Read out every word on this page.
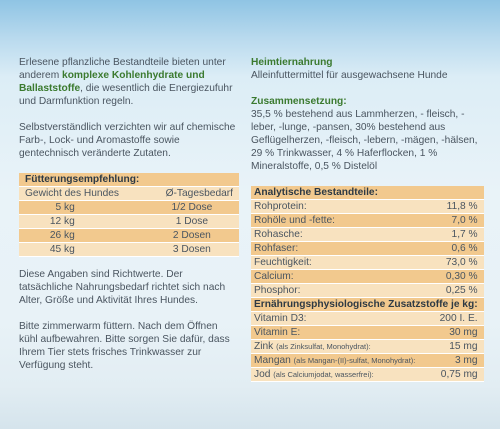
Erlesene pflanzliche Bestandteile bieten unter anderem komplexe Kohlenhydrate und Ballaststoffe, die wesentlich die Energiezufuhr und Darmfunktion regeln.

Selbstverständlich verzichten wir auf chemische Farb-, Lock- und Aromastoffe sowie gentechnisch veränderte Zutaten.

Fütterungsempfehlung:	
Gewicht des Hundes	Ø-Tagesbedarf
5 kg	1/2 Dose
12 kg	1 Dose
26 kg	2 Dosen
45 kg	3 Dosen

Diese Angaben sind Richtwerte. Der tatsächliche Nahrungsbedarf richtet sich nach Alter, Größe und Aktivität Ihres Hundes.

Bitte zimmerwarm füttern. Nach dem Öffnen kühl aufbewahren. Bitte sorgen Sie dafür, dass Ihrem Tier stets frisches Trinkwasser zur Verfügung steht.

Heimtiernahrung

Alleinfuttermittel für ausgewachsene Hunde

Zusammensetzung:

35,5 % bestehend aus Lammherzen, - fleisch, -leber, -lunge, -pansen, 30% bestehend aus Geflügelherzen, -fleisch, -lebern, -mägen, -hälsen, 29 % Trinkwasser, 4 % Haferflocken, 1 % Mineralstoffe, 0,5 % Distelöl

Analytische Bestandteile:	
Rohprotein:	11,8 %
Rohöle und -fette:	7,0 %
Rohasche:	1,7 %
Rohfaser:	0,6 %
Feuchtigkeit:	73,0 %
Calcium:	0,30 %
Phosphor:	0,25 %
Ernährungsphysiologische Zusatzstoffe je kg:	
Vitamin D3:	200 I. E.
Vitamin E:	30 mg
Zink (als Zinksulfat, Monohydrat):	15 mg
Mangan (als Mangan-(II)-sulfat, Monohydrat):	3 mg
Jod (als Calciumjodat, wasserfrei):	0,75 mg
